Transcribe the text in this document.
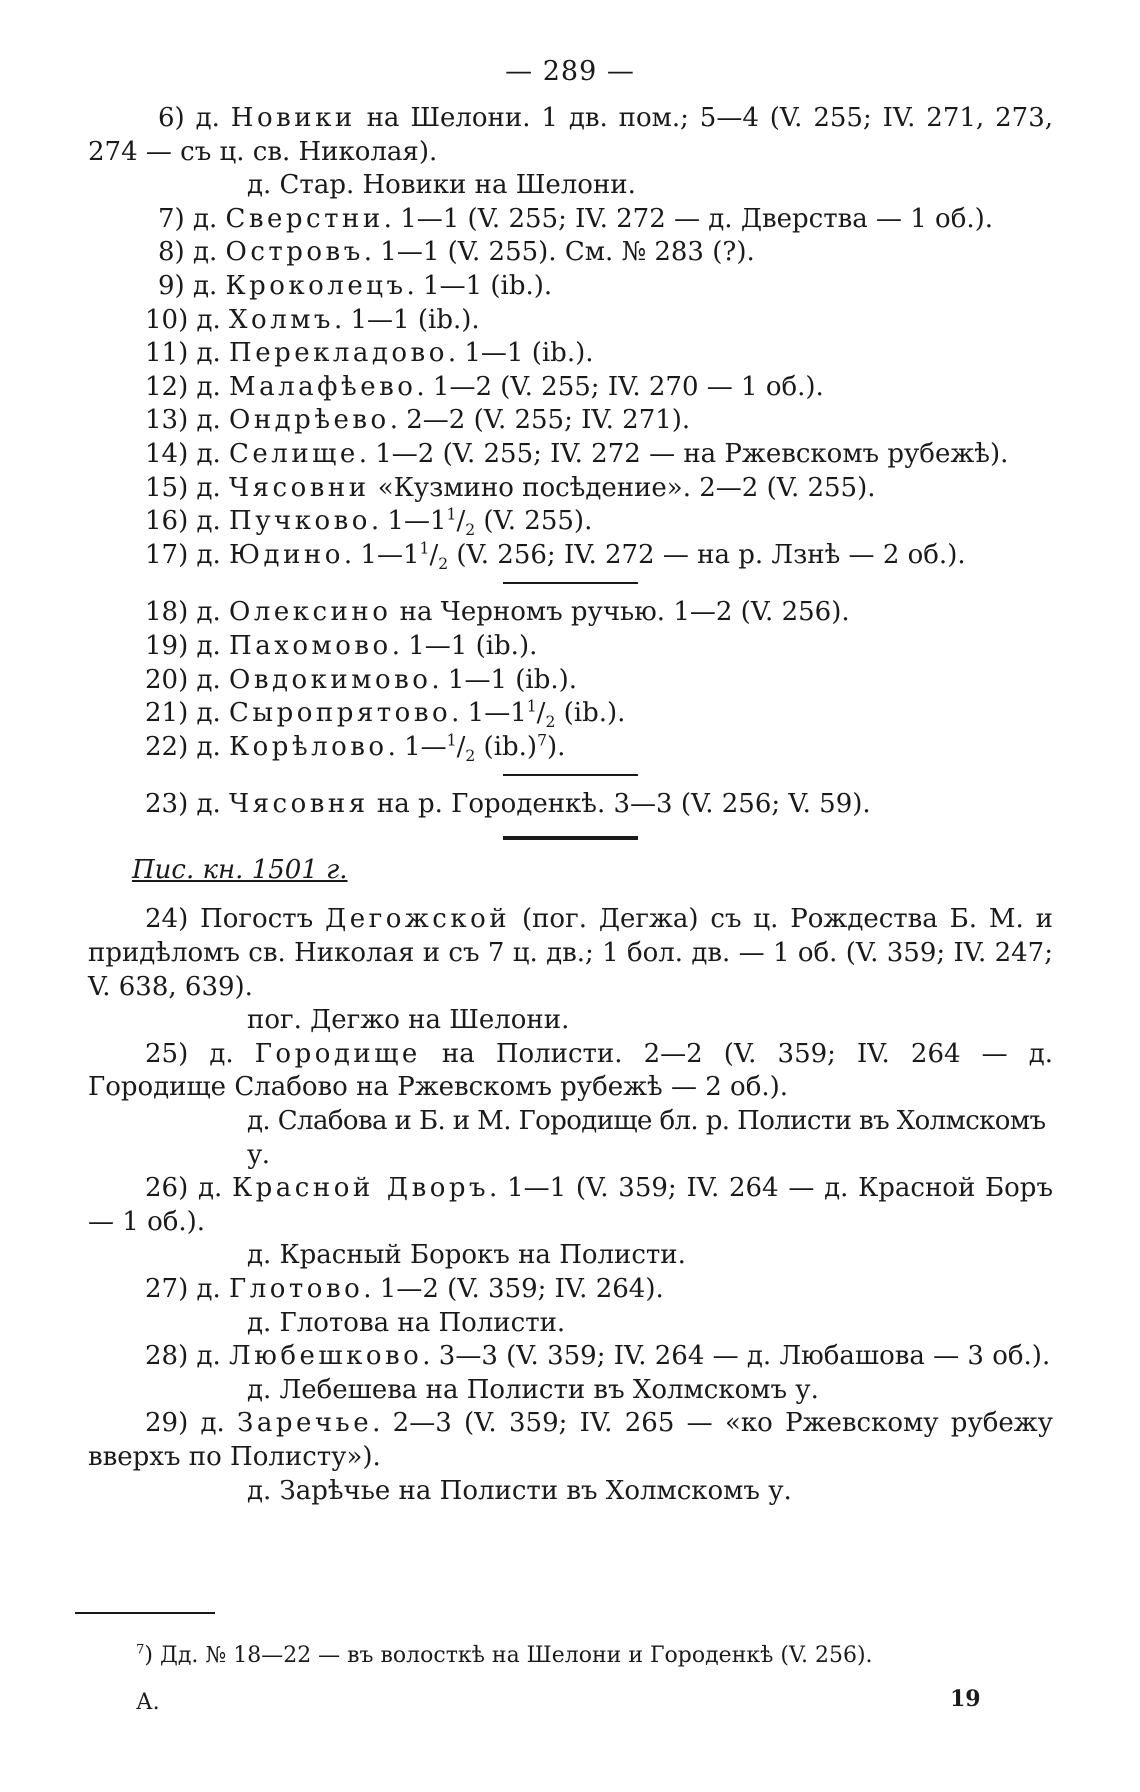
— 289 —
6) д. Новики на Шелони. 1 дв. пом.; 5—4 (V. 255; IV. 271, 273, 274 — съ ц. св. Николая).
д. Стар. Новики на Шелони.
7) д. Сверстни. 1—1 (V. 255; IV. 272 — д. Дверства — 1 об.).
8) д. Островъ. 1—1 (V. 255). См. № 283 (?).
9) д. Кроколецъ. 1—1 (ib.).
10) д. Холмъ. 1—1 (ib.).
11) д. Перекладово. 1—1 (ib.).
12) д. Малафѣево. 1—2 (V. 255; IV. 270 — 1 об.).
13) д. Ондрѣево. 2—2 (V. 255; IV. 271).
14) д. Селище. 1—2 (V. 255; IV. 272 — на Ржевскомъ рубежѣ).
15) д. Чясовни «Кузмино посѣдение». 2—2 (V. 255).
16) д. Пучково. $1—1^1/_2$ (V. 255).
17) д. Юдино. $1—1^1/_2$ (V. 256; IV. 272 — на р. Лзнѣ — 2 об.).
18) д. Олексино на Черномъ ручью. 1—2 (V. 256).
19) д. Пахомово. 1—1 (ib.).
20) д. Овдокимово. 1—1 (ib.).
21) д. Сыропрятово. $1—1^1/_2$ (ib.).
22) д. Корѣлово. $1—^1/_2$ $(ib.)^7$).
23) д. Чясовня на р. Городенкѣ. 3—3 (V. 256; V. 59).
Пис. кн. 1501 г.
24) Погостъ Дегожской (пог. Дегжа) съ ц. Рождества Б. М. и придѣломъ св. Николая и съ 7 ц. дв.; 1 бол. дв. — 1 об. (V. 359; IV. 247; V. 638, 639).
пог. Дегжо на Шелони.
25) д. Городище на Полисти. 2—2 (V. 359; IV. 264 — д. Городище Слабово на Ржевскомъ рубежѣ — 2 об.).
д. Слабова и Б. и М. Городище бл. р. Полисти въ Холмскомъ у.
26) д. Красной Дворъ. 1—1 (V. 359; IV. 264 — д. Красной Боръ — 1 об.).
д. Красный Борокъ на Полисти.
27) д. Глотово. 1—2 (V. 359; IV. 264).
д. Глотова на Полисти.
28) д. Любешково. 3—3 (V. 359; IV. 264 — д. Любашова — 3 об.).
д. Лебешева на Полисти въ Холмскомъ у.
29) д. Заречье. 2—3 (V. 359; IV. 265 — «ко Ржевскому рубежу вверхъ по Полисту»).
д. Зарѣчье на Полисти въ Холмскомъ у.
$^7$) Дд. № 18—22 — въ волосткѣ на Шелони и Городенкѣ (V. 256).
А.	19
